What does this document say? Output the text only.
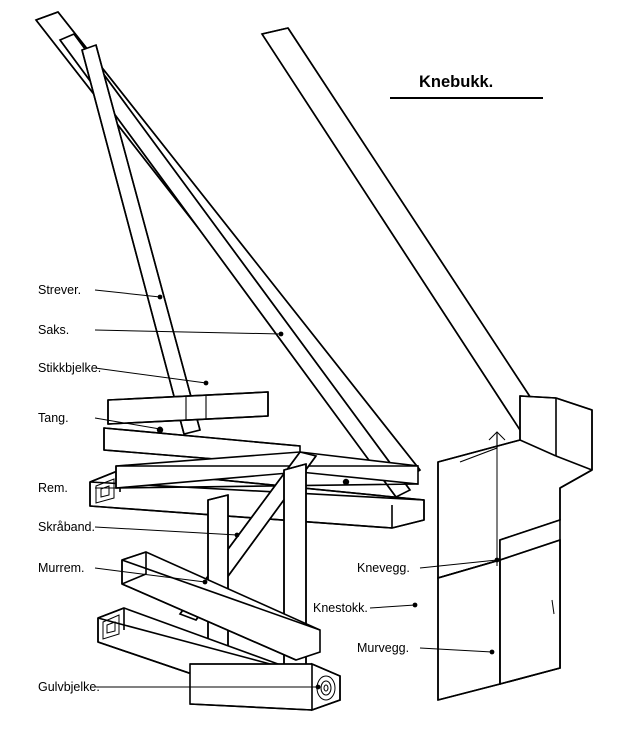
Knebukk.
Strever.
Saks.
Stikkbjelke.
Tang.
Rem.
Skråband.
Murrem.
Gulvbjelke.
Knevegg.
Knestokk.
Murvegg.
